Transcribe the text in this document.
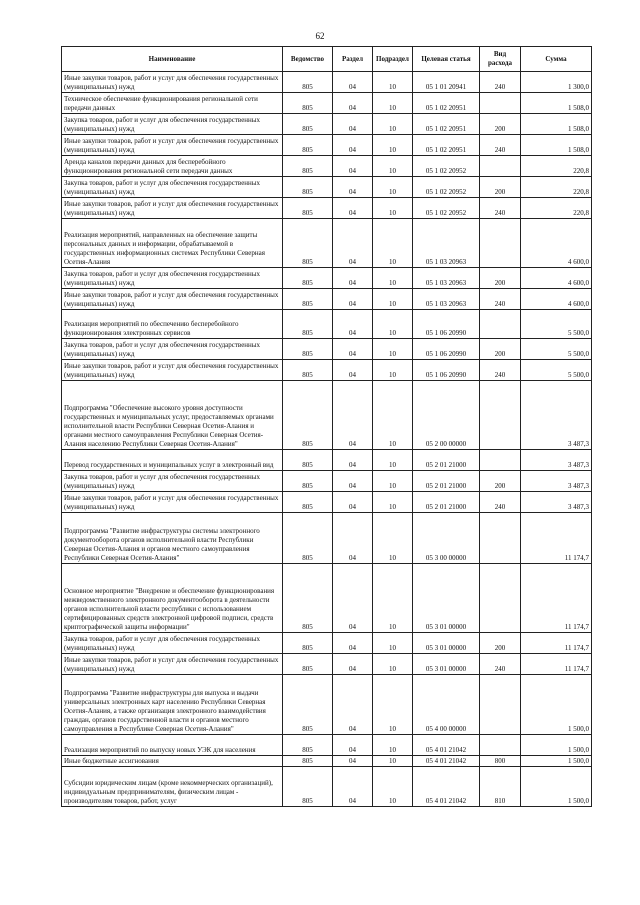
62
Наименование	Ведомство	Раздел	Подраздел	Целевая статья	Вид расхода	Сумма
Иные закупки товаров, работ и услуг для обеспечения государственных (муниципальных) нужд	805	04	10	05 1 01 20941	240	1 300,0
Техническое обеспечение функционирования региональной сети передачи данных	805	04	10	05 1 02 20951		1 508,0
Закупка товаров, работ и услуг для обеспечения государственных (муниципальных) нужд	805	04	10	05 1 02 20951	200	1 508,0
Иные закупки товаров, работ и услуг для обеспечения государственных (муниципальных) нужд	805	04	10	05 1 02 20951	240	1 508,0
Аренда каналов передачи данных для бесперебойного функционирования региональной сети передачи данных	805	04	10	05 1 02 20952		220,8
Закупка товаров, работ и услуг для обеспечения государственных (муниципальных) нужд	805	04	10	05 1 02 20952	200	220,8
Иные закупки товаров, работ и услуг для обеспечения государственных (муниципальных) нужд	805	04	10	05 1 02 20952	240	220,8
Реализация мероприятий, направленных на обеспечение защиты персональных данных и информации, обрабатываемой в государственных информационных системах Республики Северная Осетия-Алания	805	04	10	05 1 03 20963		4 600,0
Закупка товаров, работ и услуг для обеспечения государственных (муниципальных) нужд	805	04	10	05 1 03 20963	200	4 600,0
Иные закупки товаров, работ и услуг для обеспечения государственных (муниципальных) нужд	805	04	10	05 1 03 20963	240	4 600,0
Реализация мероприятий по обеспечению бесперебойного функционирования электронных сервисов	805	04	10	05 1 06 20990		5 500,0
Закупка товаров, работ и услуг для обеспечения государственных (муниципальных) нужд	805	04	10	05 1 06 20990	200	5 500,0
Иные закупки товаров, работ и услуг для обеспечения государственных (муниципальных) нужд	805	04	10	05 1 06 20990	240	5 500,0
Подпрограмма "Обеспечение высокого уровня доступности государственных и муниципальных услуг, предоставляемых органами исполнительной власти Республики Северная Осетия-Алания и органами местного самоуправления Республики Северная Осетия-Алания населению Республики Северная Осетия-Алания"	805	04	10	05 2 00 00000		3 487,3
Перевод государственных и муниципальных услуг в электронный вид	805	04	10	05 2 01 21000		3 487,3
Закупка товаров, работ и услуг для обеспечения государственных (муниципальных) нужд	805	04	10	05 2 01 21000	200	3 487,3
Иные закупки товаров, работ и услуг для обеспечения государственных (муниципальных) нужд	805	04	10	05 2 01 21000	240	3 487,3
Подпрограмма "Развитие инфраструктуры системы электронного документооборота органов исполнительной власти Республики Северная Осетия-Алания и органов местного самоуправления Республики Северная Осетия-Алания"	805	04	10	05 3 00 00000		11 174,7
Основное мероприятие "Внедрение и обеспечение функционирования межведомственного электронного документооборота в деятельности органов исполнительной власти республики с использованием сертифицированных средств электронной цифровой подписи, средств криптографической защиты информации"	805	04	10	05 3 01 00000		11 174,7
Закупка товаров, работ и услуг для обеспечения государственных (муниципальных) нужд	805	04	10	05 3 01 00000	200	11 174,7
Иные закупки товаров, работ и услуг для обеспечения государственных (муниципальных) нужд	805	04	10	05 3 01 00000	240	11 174,7
Подпрограмма "Развитие инфраструктуры для выпуска и выдачи универсальных электронных карт населению Республики Северная Осетия-Алания, а также организация электронного взаимодействия граждан, органов государственной власти и органов местного самоуправления в Республике Северная Осетия-Алания"	805	04	10	05 4 00 00000		1 500,0
Реализация мероприятий по выпуску новых УЭК для населения	805	04	10	05 4 01 21042		1 500,0
Иные бюджетные ассигнования	805	04	10	05 4 01 21042	800	1 500,0
Субсидии юридическим лицам (кроме некоммерческих организаций), индивидуальным предпринимателям, физическим лицам - производителям товаров, работ, услуг	805	04	10	05 4 01 21042	810	1 500,0
